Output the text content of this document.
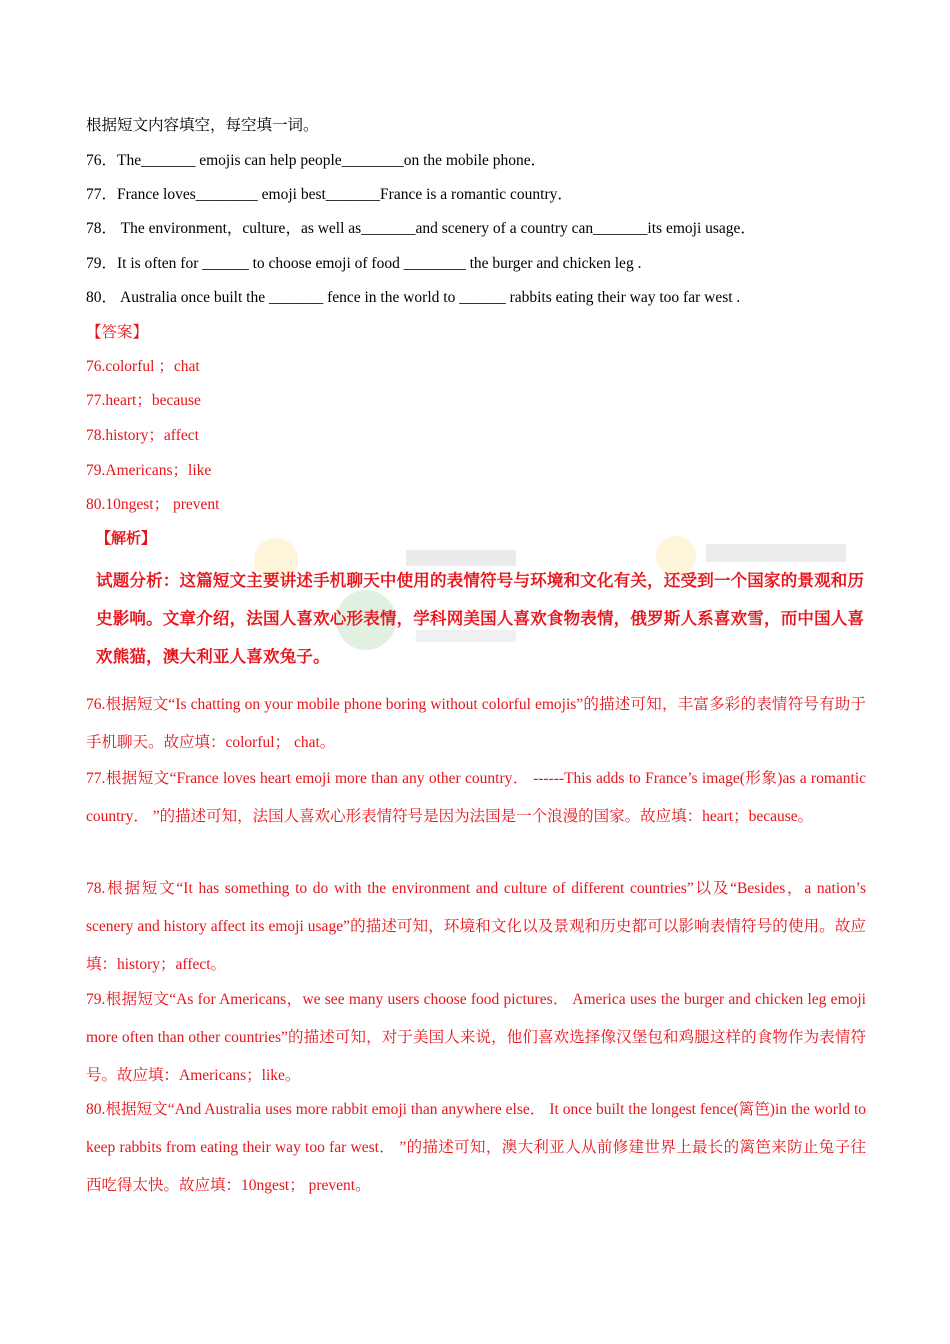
根据短文内容填空，每空填一词。
76．The_______ emojis can help people________on the mobile phone．
77．France loves________ emoji best_______France is a romantic country．
78． The environment，culture，as well as_______and scenery of a country can_______its emoji usage．
79．It is often for ______ to choose emoji of food ________ the burger and chicken leg .
80． Australia once built the _______ fence in the world to ______ rabbits eating their way too far west .
【答案】
76.colorful ；chat
77.heart；because
78.history；affect
79.Americans；like
80.10ngest； prevent
【解析】
试题分析：这篇短文主要讲述手机聊天中使用的表情符号与环境和文化有关，还受到一个国家的景观和历史影响。文章介绍，法国人喜欢心形表情，学科网美国人喜欢食物表情，俄罗斯人系喜欢雪，而中国人喜欢熊猫，澳大利亚人喜欢兔子。
76.根据短文“Is chatting on your mobile phone boring without colorful emojis”的描述可知，丰富多彩的表情符号有助于手机聊天。故应填：colorful； chat。
77.根据短文“France loves heart emoji more than any other country． ------This adds to France’s image(形象)as a romantic country． ”的描述可知，法国人喜欢心形表情符号是因为法国是一个浪漫的国家。故应填：heart；because。
78.根据短文“It has something to do with the environment and culture of different countries”以及“Besides，a nation’s scenery and history affect its emoji usage”的描述可知，环境和文化以及景观和历史都可以影响表情符号的使用。故应填：history；affect。
79.根据短文“As for Americans，we see many users choose food pictures． America uses the burger and chicken leg emoji more often than other countries”的描述可知，对于美国人来说，他们喜欢选择像汉堡包和鸡腿这样的食物作为表情符号。故应填：Americans；like。
80.根据短文“And Australia uses more rabbit emoji than anywhere else． It once built the longest fence(篱笆)in the world to keep rabbits from eating their way too far west． ”的描述可知，澳大利亚人从前修建世界上最长的篱笆来防止兔子往西吃得太快。故应填：10ngest； prevent。
